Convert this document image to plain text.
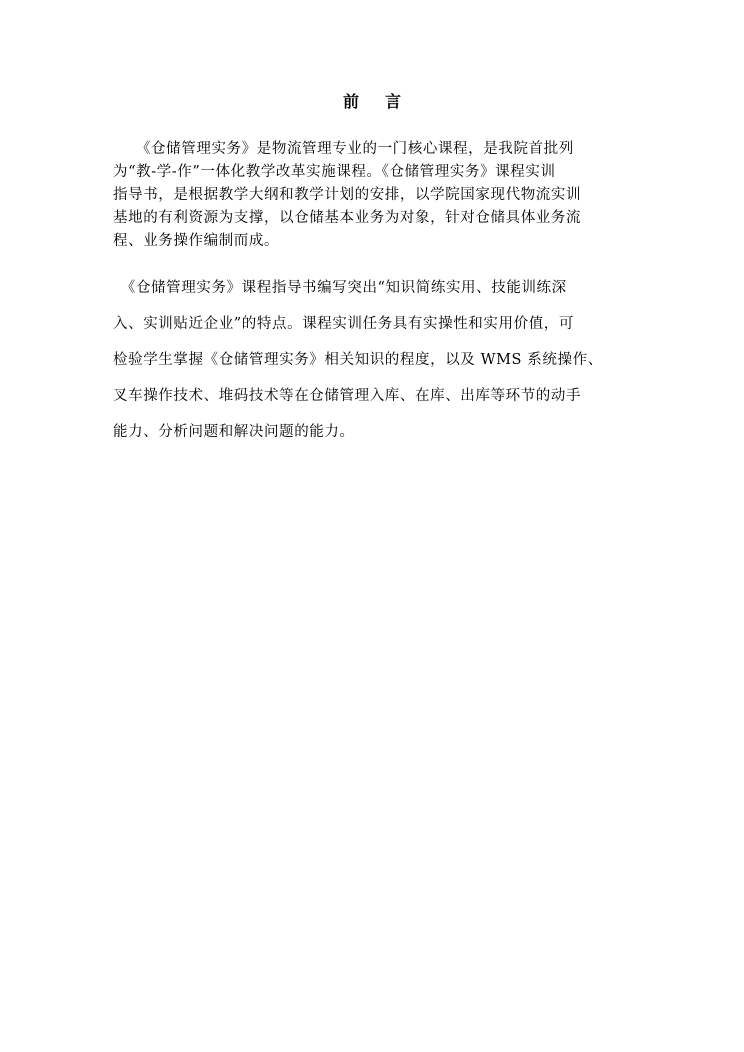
前言
　　《仓储管理实务》是物流管理专业的一门核心课程，是我院首批列
为“教-学-作”一体化教学改革实施课程。《仓储管理实务》课程实训
指导书，是根据教学大纲和教学计划的安排，以学院国家现代物流实训
基地的有利资源为支撑，以仓储基本业务为对象，针对仓储具体业务流
程、业务操作编制而成。
　《仓储管理实务》课程指导书编写突出“知识简练实用、技能训练深
入、实训贴近企业”的特点。课程实训任务具有实操性和实用价值，可
检验学生掌握《仓储管理实务》相关知识的程度，以及 WMS 系统操作、
叉车操作技术、堆码技术等在仓储管理入库、在库、出库等环节的动手
能力、分析问题和解决问题的能力。
